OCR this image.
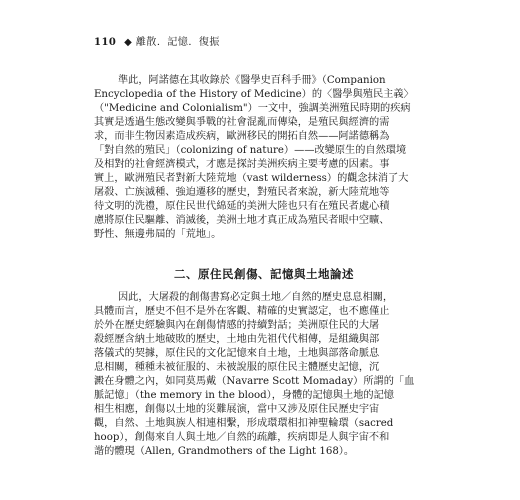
110 ◆ 離散．記憶．復振
準此，阿諾德在其收錄於《醫學史百科手冊》（Companion
Encyclopedia of the History of Medicine）的〈醫學與殖民主義〉
（"Medicine and Colonialism"）一文中，強調美洲殖民時期的疾病
其實是透過生態改變與爭戰的社會混亂而傳染，是殖民與經濟的需
求，而非生物因素造成疾病，歐洲移民的開拓自然——阿諾德稱為
「對自然的殖民」（colonizing of nature）——改變原生的自然環境
及相對的社會經濟模式，才應是探討美洲疾病主要考慮的因素。事
實上，歐洲殖民者對新大陸荒地（vast wilderness）的觀念抹消了大
屠殺、亡族滅種、強迫遷移的歷史，對殖民者來說，新大陸荒地等
待文明的洗禮，原住民世代綿延的美洲大陸也只有在殖民者處心積
慮將原住民驅離、消滅後，美洲土地才真正成為殖民者眼中空曠、
野性、無邊弗屆的「荒地」。
二、原住民創傷、記憶與土地論述
因此，大屠殺的創傷書寫必定與土地／自然的歷史息息相關，
具體而言，歷史不但不是外在客觀、精確的史實認定，也不應僅止
於外在歷史經驗與內在創傷情感的持續對話；美洲原住民的大屠
殺經歷含納土地破敗的歷史，土地由先祖代代相傳，是組織與部
落儀式的契據，原住民的文化記憶來自土地，土地與部落命脈息
息相關，種種未被征服的、未被說服的原住民主體歷史記憶，沉
澱在身體之內，如同莫馬戴（Navarre Scott Momaday）所謂的「血
脈記憶」（the memory in the blood），身體的記憶與土地的記憶
相生相應，創傷以土地的災難展演，當中又涉及原住民歷史宇宙
觀，自然、土地與族人相連相繫，形成環環相扣神聖輪環（sacred
hoop），創傷來自人與土地／自然的疏離，疾病即是人與宇宙不和
諧的體現（Allen, Grandmothers of the Light 168）。
